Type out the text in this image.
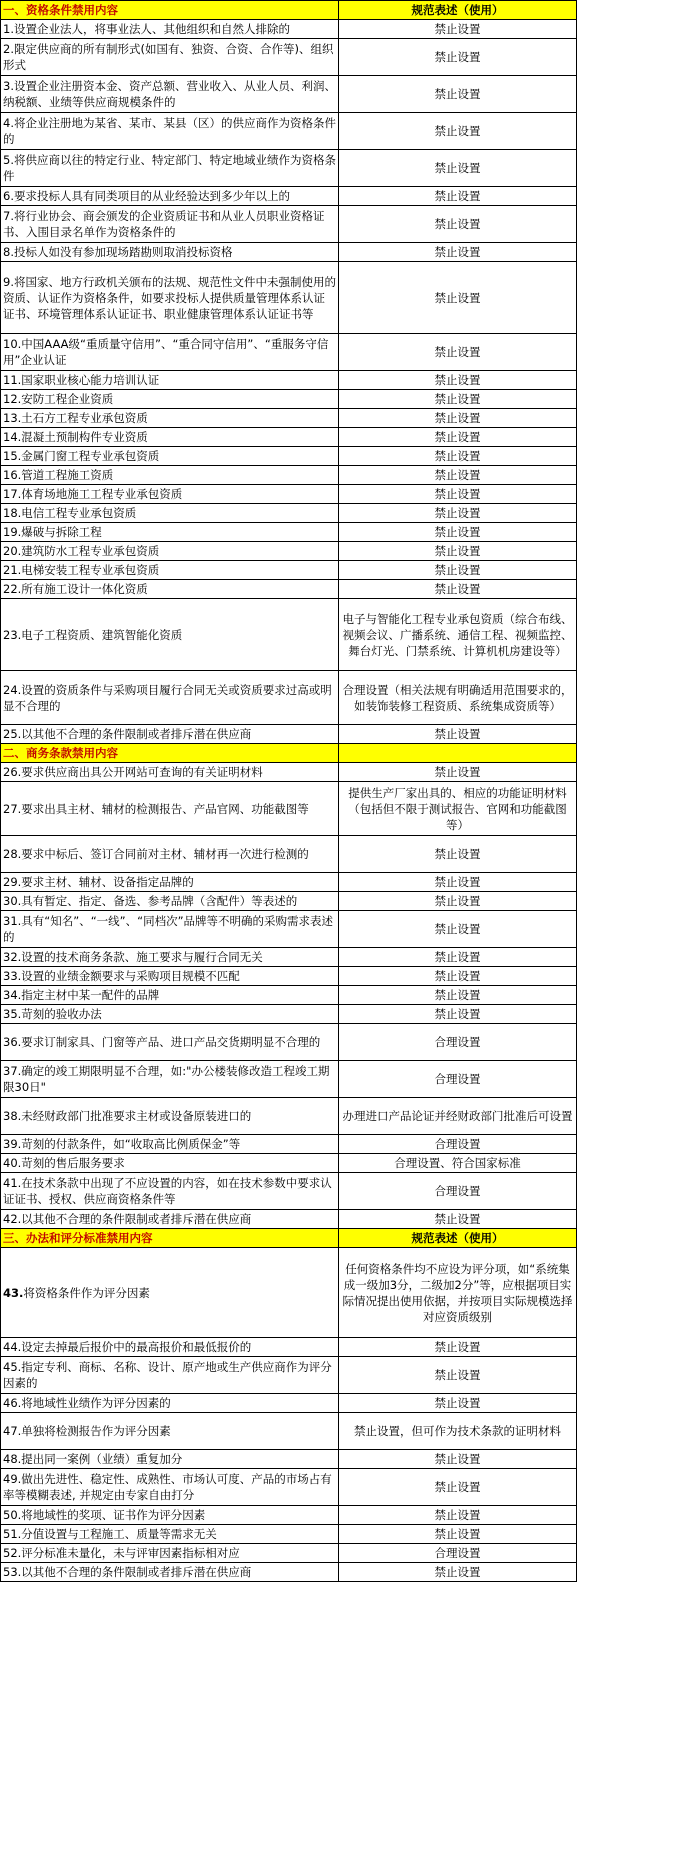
一、资格条件禁用内容	规范表述（使用）
1.设置企业法人，将事业法人、其他组织和自然人排除的	禁止设置
2.限定供应商的所有制形式(如国有、独资、合资、合作等)、组织形式	禁止设置
3.设置企业注册资本金、资产总额、营业收入、从业人员、利润、纳税额、业绩等供应商规模条件的	禁止设置
4.将企业注册地为某省、某市、某县（区）的供应商作为资格条件的	禁止设置
5.将供应商以往的特定行业、特定部门、特定地域业绩作为资格条件	禁止设置
6.要求投标人具有同类项目的从业经验达到多少年以上的	禁止设置
7.将行业协会、商会颁发的企业资质证书和从业人员职业资格证书、入围目录名单作为资格条件的	禁止设置
8.投标人如没有参加现场踏勘则取消投标资格	禁止设置
9.将国家、地方行政机关颁布的法规、规范性文件中未强制使用的资质、认证作为资格条件，如要求投标人提供质量管理体系认证证书、环境管理体系认证证书、职业健康管理体系认证证书等	禁止设置
10.中国AAA级“重质量守信用”、“重合同守信用”、“重服务守信用”企业认证	禁止设置
11.国家职业核心能力培训认证	禁止设置
12.安防工程企业资质	禁止设置
13.土石方工程专业承包资质	禁止设置
14.混凝土预制构件专业资质	禁止设置
15.金属门窗工程专业承包资质	禁止设置
16.管道工程施工资质	禁止设置
17.体育场地施工工程专业承包资质	禁止设置
18.电信工程专业承包资质	禁止设置
19.爆破与拆除工程	禁止设置
20.建筑防水工程专业承包资质	禁止设置
21.电梯安装工程专业承包资质	禁止设置
22.所有施工设计一体化资质	禁止设置
23.电子工程资质、建筑智能化资质	电子与智能化工程专业承包资质（综合布线、视频会议、广播系统、通信工程、视频监控、舞台灯光、门禁系统、计算机机房建设等）
24.设置的资质条件与采购项目履行合同无关或资质要求过高或明显不合理的	合理设置（相关法规有明确适用范围要求的，如装饰装修工程资质、系统集成资质等）
25.以其他不合理的条件限制或者排斥潜在供应商	禁止设置
二、商务条款禁用内容	
26.要求供应商出具公开网站可查询的有关证明材料	禁止设置
27.要求出具主材、辅材的检测报告、产品官网、功能截图等	提供生产厂家出具的、相应的功能证明材料（包括但不限于测试报告、官网和功能截图等）
28.要求中标后、签订合同前对主材、辅材再一次进行检测的	禁止设置
29.要求主材、辅材、设备指定品牌的	禁止设置
30.具有暂定、指定、备选、参考品牌（含配件）等表述的	禁止设置
31.具有“知名”、“一线”、“同档次”品牌等不明确的采购需求表述的	禁止设置
32.设置的技术商务条款、施工要求与履行合同无关	禁止设置
33.设置的业绩金额要求与采购项目规模不匹配	禁止设置
34.指定主材中某一配件的品牌	禁止设置
35.苛刻的验收办法	禁止设置
36.要求订制家具、门窗等产品、进口产品交货期明显不合理的	合理设置
37.确定的竣工期限明显不合理，如:"办公楼装修改造工程竣工期限30日"	合理设置
38.未经财政部门批准要求主材或设备原装进口的	办理进口产品论证并经财政部门批准后可设置
39.苛刻的付款条件，如“收取高比例质保金”等	合理设置
40.苛刻的售后服务要求	合理设置、符合国家标准
41.在技术条款中出现了不应设置的内容，如在技术参数中要求认证证书、授权、供应商资格条件等	合理设置
42.以其他不合理的条件限制或者排斥潜在供应商	禁止设置
三、办法和评分标准禁用内容	规范表述（使用）
43.将资格条件作为评分因素	任何资格条件均不应设为评分项，如“系统集成一级加3分，二级加2分”等，应根据项目实际情况提出使用依据，并按项目实际规模选择对应资质级别
44.设定去掉最后报价中的最高报价和最低报价的	禁止设置
45.指定专利、商标、名称、设计、原产地或生产供应商作为评分因素的	禁止设置
46.将地域性业绩作为评分因素的	禁止设置
47.单独将检测报告作为评分因素	禁止设置，但可作为技术条款的证明材料
48.提出同一案例（业绩）重复加分	禁止设置
49.做出先进性、稳定性、成熟性、市场认可度、产品的市场占有率等模糊表述, 并规定由专家自由打分	禁止设置
50.将地域性的奖项、证书作为评分因素	禁止设置
51.分值设置与工程施工、质量等需求无关	禁止设置
52.评分标准未量化，未与评审因素指标相对应	合理设置
53.以其他不合理的条件限制或者排斥潜在供应商	禁止设置
